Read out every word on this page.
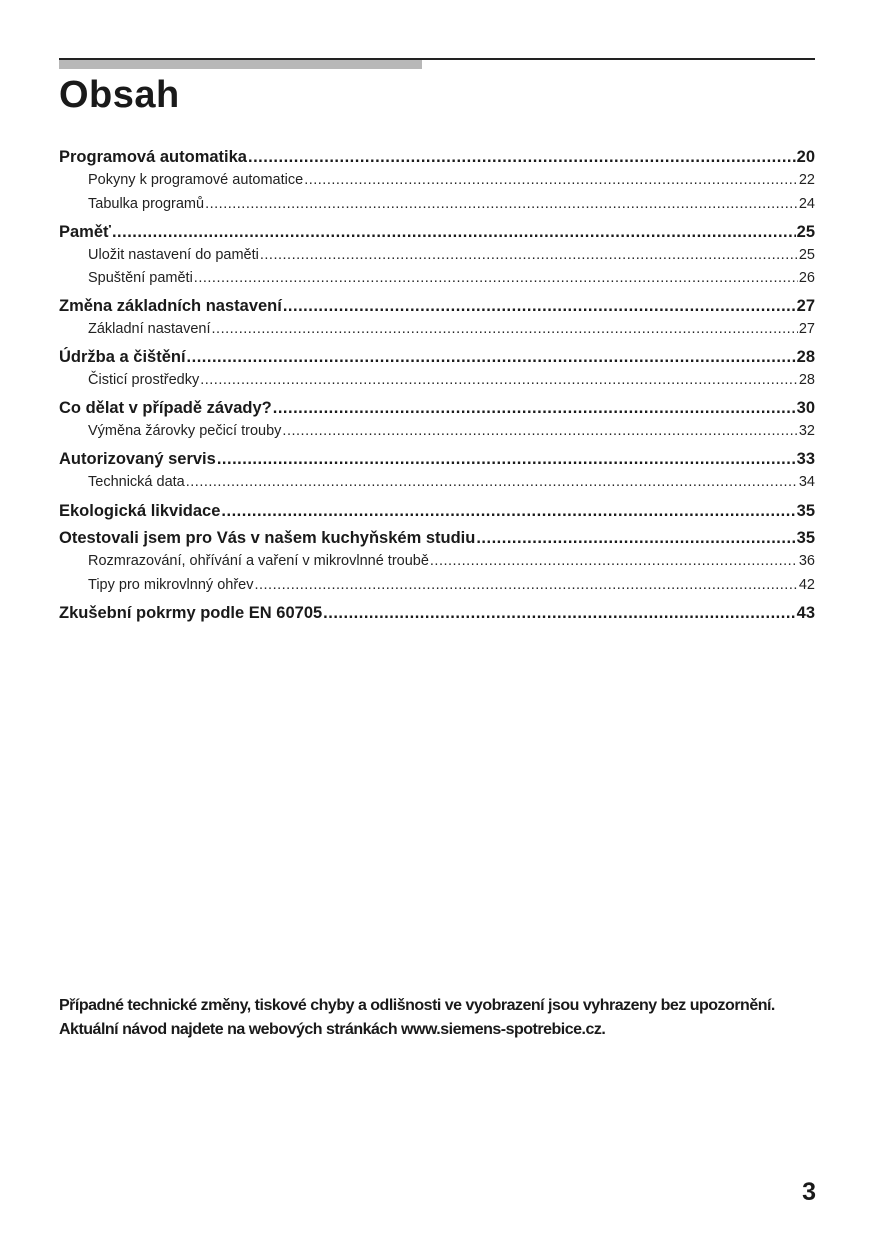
Obsah
Programová automatika .....	20
Pokyny k programové automatice .....	22
Tabulka programů .....	24
Paměť .....	25
Uložit nastavení do paměti .....	25
Spuštění paměti .....	26
Změna základních nastavení .....	27
Základní nastavení .....	27
Údržba a čištění .....	28
Čisticí prostředky .....	28
Co dělat v případě závady? .....	30
Výměna žárovky pečicí trouby .....	32
Autorizovaný servis .....	33
Technická data .....	34
Ekologická likvidace .....	35
Otestovali jsem pro Vás v našem kuchyňském studiu .....	35
Rozmrazování, ohřívání a vaření v mikrovlnné troubě .....	36
Tipy pro mikrovlnný ohřev .....	42
Zkušební pokrmy podle EN 60705 .....	43
Případné technické změny, tiskové chyby a odlišnosti ve vyobrazení jsou vyhrazeny bez upozornění. Aktuální návod najdete na webových stránkách www.siemens-spotrebice.cz.
3
